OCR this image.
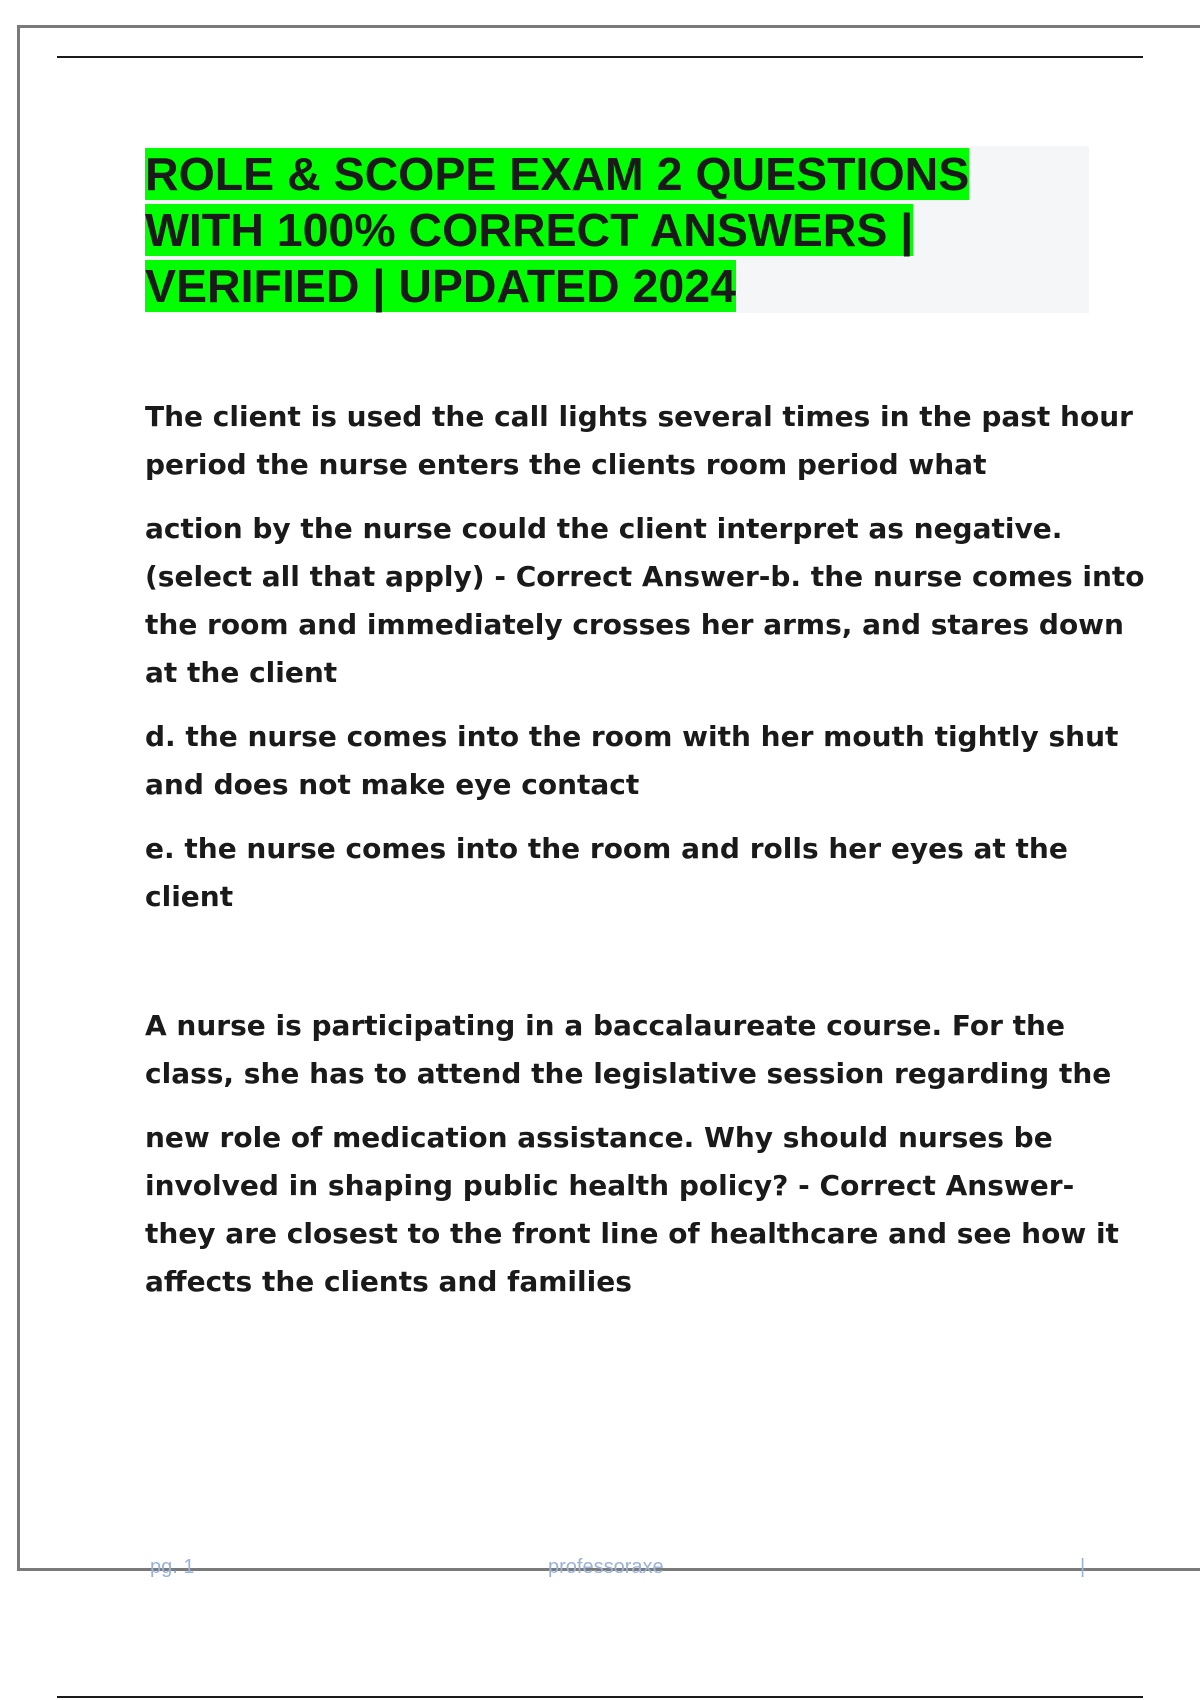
ROLE & SCOPE EXAM 2 QUESTIONS
WITH 100% CORRECT ANSWERS |
VERIFIED | UPDATED 2024
The client is used the call lights several times in the past hour
period the nurse enters the clients room period what
action by the nurse could the client interpret as negative.
(select all that apply) - Correct Answer-b. the nurse comes into
the room and immediately crosses her arms, and stares down
at the client
d. the nurse comes into the room with her mouth tightly shut
and does not make eye contact
e. the nurse comes into the room and rolls her eyes at the
client
A nurse is participating in a baccalaureate course. For the
class, she has to attend the legislative session regarding the
new role of medication assistance. Why should nurses be
involved in shaping public health policy? - Correct Answer-
they are closest to the front line of healthcare and see how it
affects the clients and families
pg. 1	professoraxe	|
